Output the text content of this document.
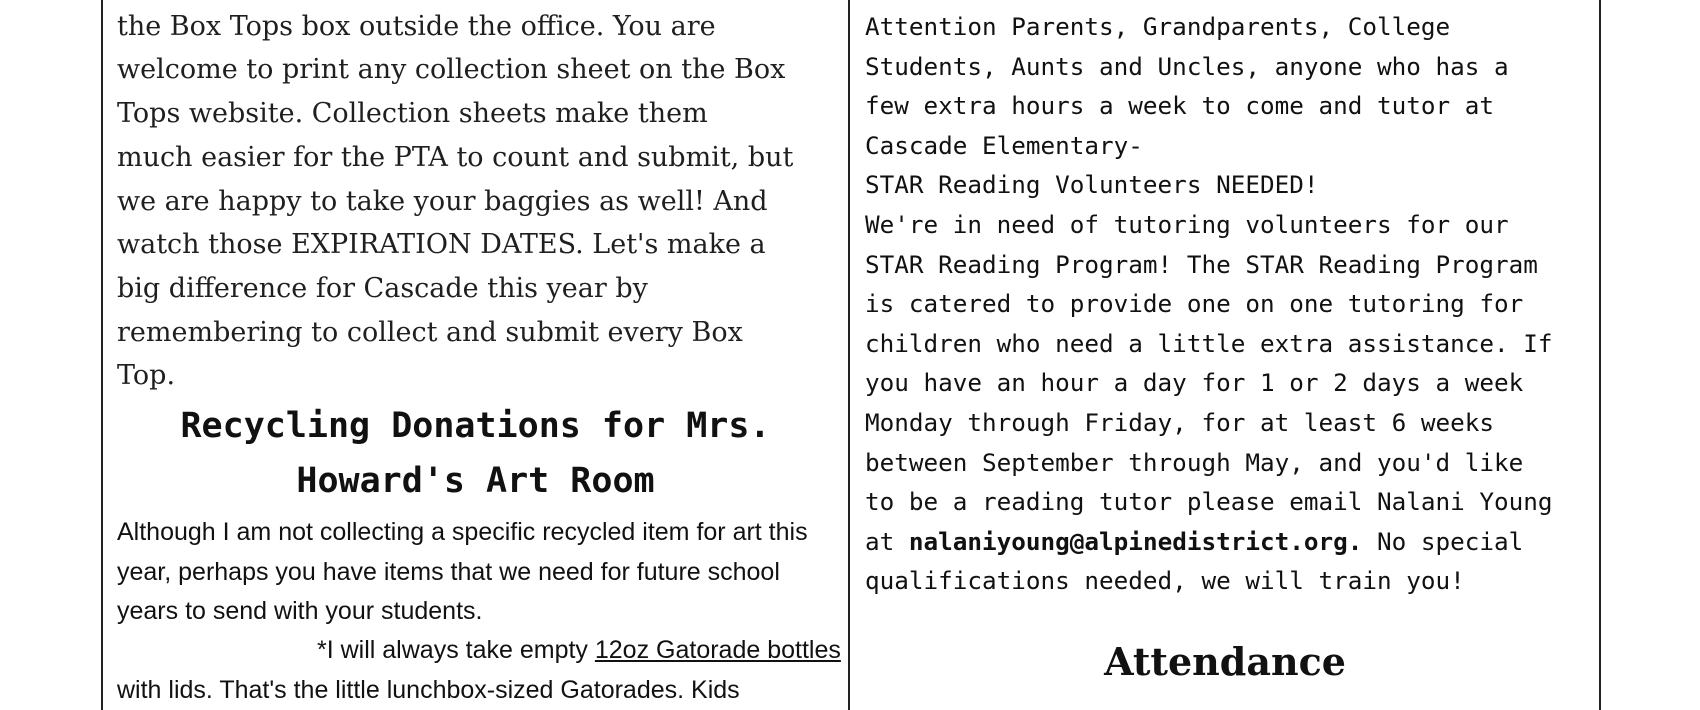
the Box Tops box outside the office. You are
welcome to print any collection sheet on the Box
Tops website. Collection sheets make them
much easier for the PTA to count and submit, but
we are happy to take your baggies as well! And
watch those EXPIRATION DATES. Let's make a
big difference for Cascade this year by
remembering to collect and submit every Box
Top.

Recycling Donations for Mrs.
Howard's Art Room

Although I am not collecting a specific recycled item for art this year, perhaps you have items that we need for future school years to send with your students.

*I will always take empty 12oz Gatorade bottles

with lids. That's the little lunchbox-sized Gatorades. Kids

Attention Parents, Grandparents, College
Students, Aunts and Uncles, anyone who has a
few extra hours a week to come and tutor at
Cascade Elementary-
STAR Reading Volunteers NEEDED!
We're in need of tutoring volunteers for our
STAR Reading Program! The STAR Reading Program
is catered to provide one on one tutoring for
children who need a little extra assistance. If
you have an hour a day for 1 or 2 days a week
Monday through Friday, for at least 6 weeks
between September through May, and you'd like
to be a reading tutor please email Nalani Young
at nalaniyoung@alpinedistrict.org. No special
qualifications needed, we will train you!

Attendance
